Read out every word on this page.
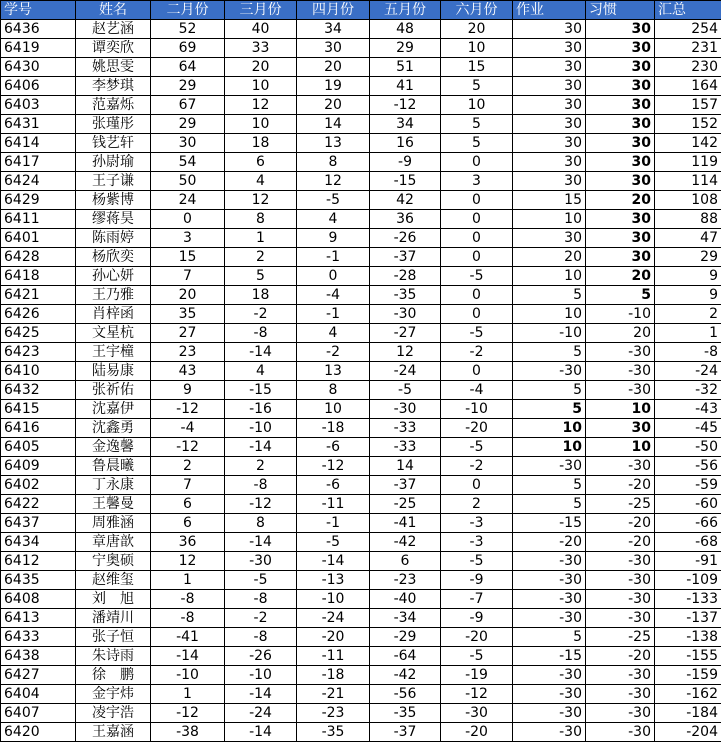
学号	姓名	二月份	三月份	四月份	五月份	六月份	作业	习惯	汇总
6436	赵艺涵	52	40	34	48	20	30	30	254
6419	谭奕欣	69	33	30	29	10	30	30	231
6430	姚思雯	64	20	20	51	15	30	30	230
6406	李梦琪	29	10	19	41	5	30	30	164
6403	范嘉烁	67	12	20	-12	10	30	30	157
6431	张瑾彤	29	10	14	34	5	30	30	152
6414	钱艺轩	30	18	13	16	5	30	30	142
6417	孙尉瑜	54	6	8	-9	0	30	30	119
6424	王子谦	50	4	12	-15	3	30	30	114
6429	杨紫博	24	12	-5	42	0	15	20	108
6411	缪蒋昊	0	8	4	36	0	10	30	88
6401	陈雨婷	3	1	9	-26	0	30	30	47
6428	杨欣奕	15	2	-1	-37	0	20	30	29
6418	孙心妍	7	5	0	-28	-5	10	20	9
6421	王乃雅	20	18	-4	-35	0	5	5	9
6426	肖梓函	35	-2	-1	-30	0	10	-10	2
6425	文星杭	27	-8	4	-27	-5	-10	20	1
6423	王宇橦	23	-14	-2	12	-2	5	-30	-8
6410	陆易康	43	4	13	-24	0	-30	-30	-24
6432	张祈佑	9	-15	8	-5	-4	5	-30	-32
6415	沈嘉伊	-12	-16	10	-30	-10	5	10	-43
6416	沈鑫勇	-4	-10	-18	-33	-20	10	30	-45
6405	金逸馨	-12	-14	-6	-33	-5	10	10	-50
6409	鲁晨曦	2	2	-12	14	-2	-30	-30	-56
6402	丁永康	7	-8	-6	-37	0	5	-20	-59
6422	王馨曼	6	-12	-11	-25	2	5	-25	-60
6437	周雅涵	6	8	-1	-41	-3	-15	-20	-66
6434	章唐歆	36	-14	-5	-42	-3	-20	-20	-68
6412	宁奥硕	12	-30	-14	6	-5	-30	-30	-91
6435	赵维玺	1	-5	-13	-23	-9	-30	-30	-109
6408	刘　旭	-8	-8	-10	-40	-7	-30	-30	-133
6413	潘靖川	-8	-2	-24	-34	-9	-30	-30	-137
6433	张子恒	-41	-8	-20	-29	-20	5	-25	-138
6438	朱诗雨	-14	-26	-11	-64	-5	-15	-20	-155
6427	徐　鹏	-10	-10	-18	-42	-19	-30	-30	-159
6404	金宇炜	1	-14	-21	-56	-12	-30	-30	-162
6407	凌宇浩	-12	-24	-23	-35	-30	-30	-30	-184
6420	王嘉涵	-38	-14	-35	-37	-20	-30	-30	-204
